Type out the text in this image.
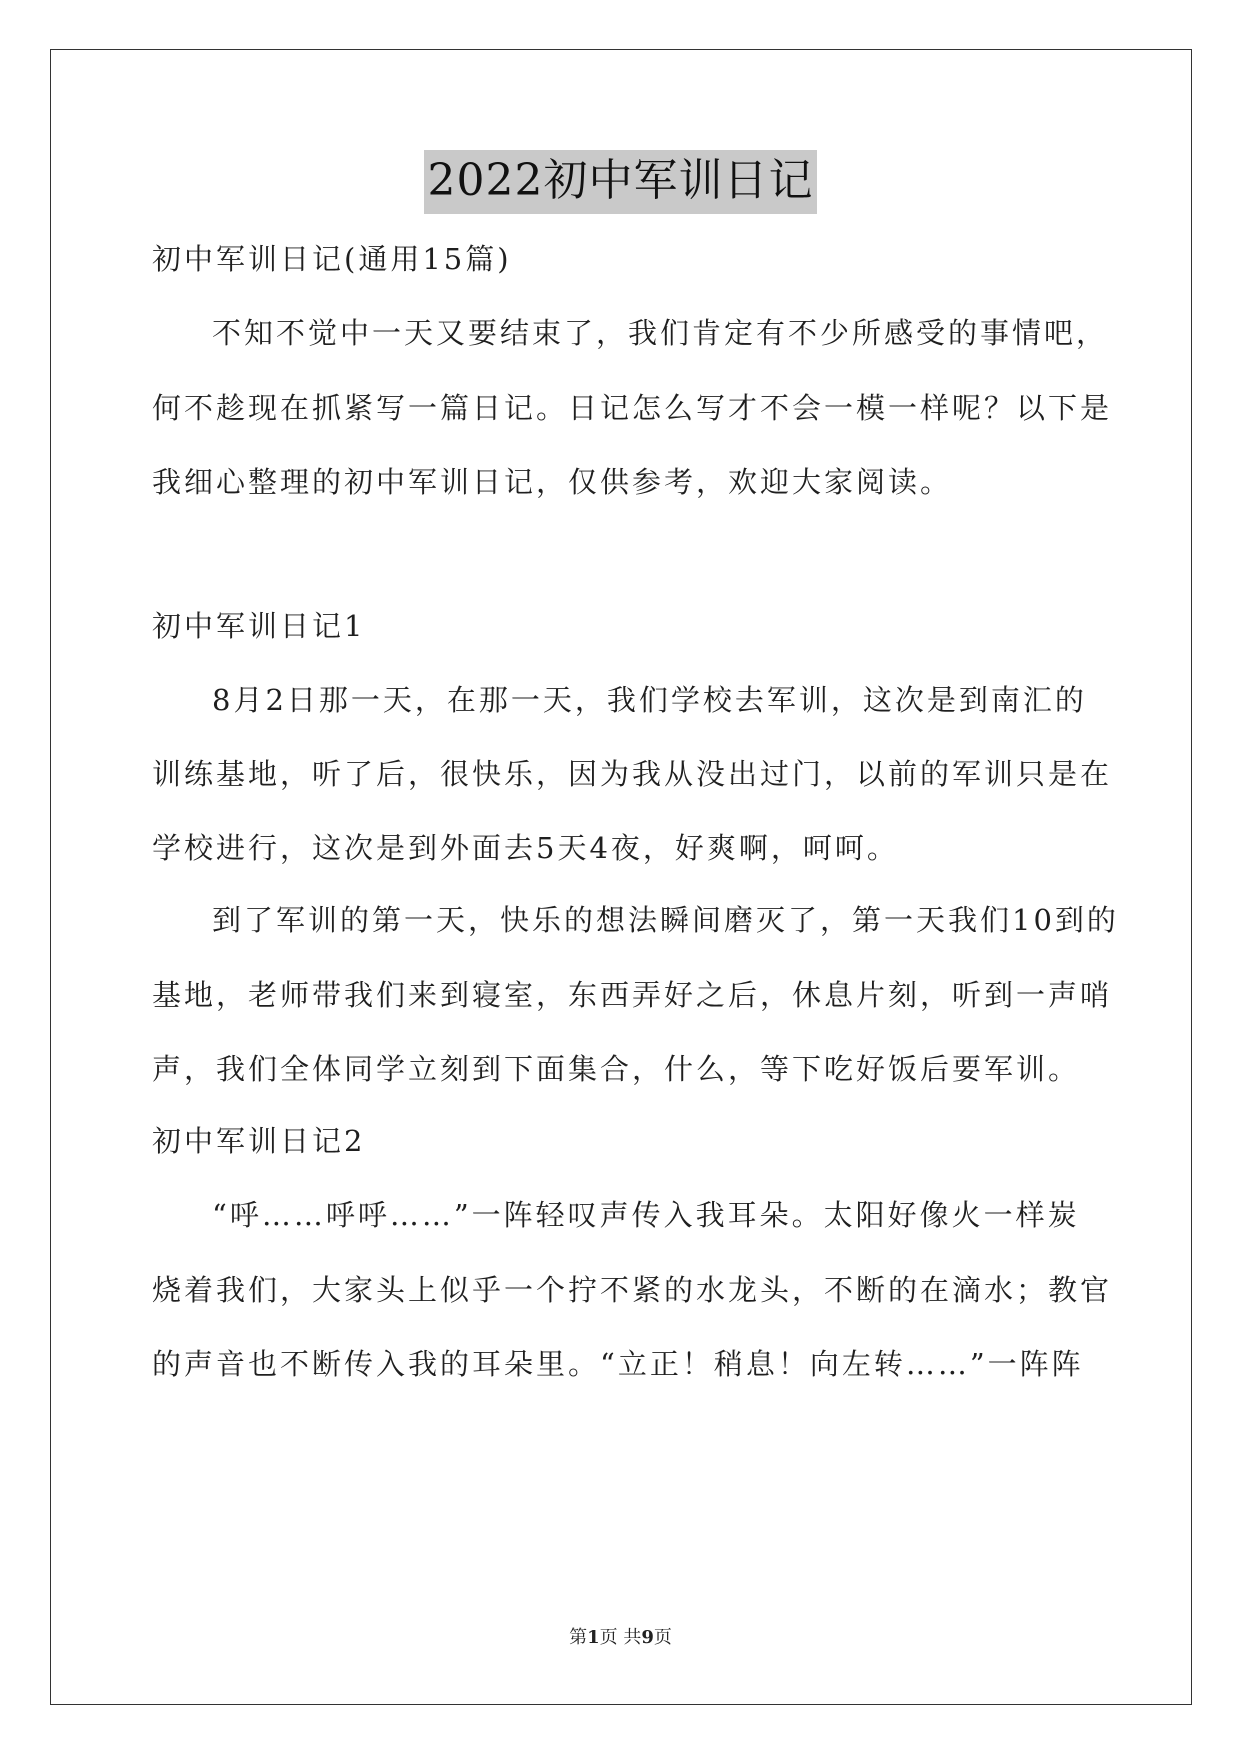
2022初中军训日记
初中军训日记(通用15篇)
不知不觉中一天又要结束了，我们肯定有不少所感受的事情吧，
何不趁现在抓紧写一篇日记。日记怎么写才不会一模一样呢？以下是
我细心整理的初中军训日记，仅供参考，欢迎大家阅读。
初中军训日记1
8月2日那一天，在那一天，我们学校去军训，这次是到南汇的
训练基地，听了后，很快乐，因为我从没出过门，以前的军训只是在
学校进行，这次是到外面去5天4夜，好爽啊，呵呵。
到了军训的第一天，快乐的想法瞬间磨灭了，第一天我们10到的
基地，老师带我们来到寝室，东西弄好之后，休息片刻，听到一声哨
声，我们全体同学立刻到下面集合，什么，等下吃好饭后要军训。
初中军训日记2
“呼……呼呼……”一阵轻叹声传入我耳朵。太阳好像火一样炭
烧着我们，大家头上似乎一个拧不紧的水龙头，不断的在滴水；教官
的声音也不断传入我的耳朵里。“立正！稍息！向左转……”一阵阵
第1页 共9页
